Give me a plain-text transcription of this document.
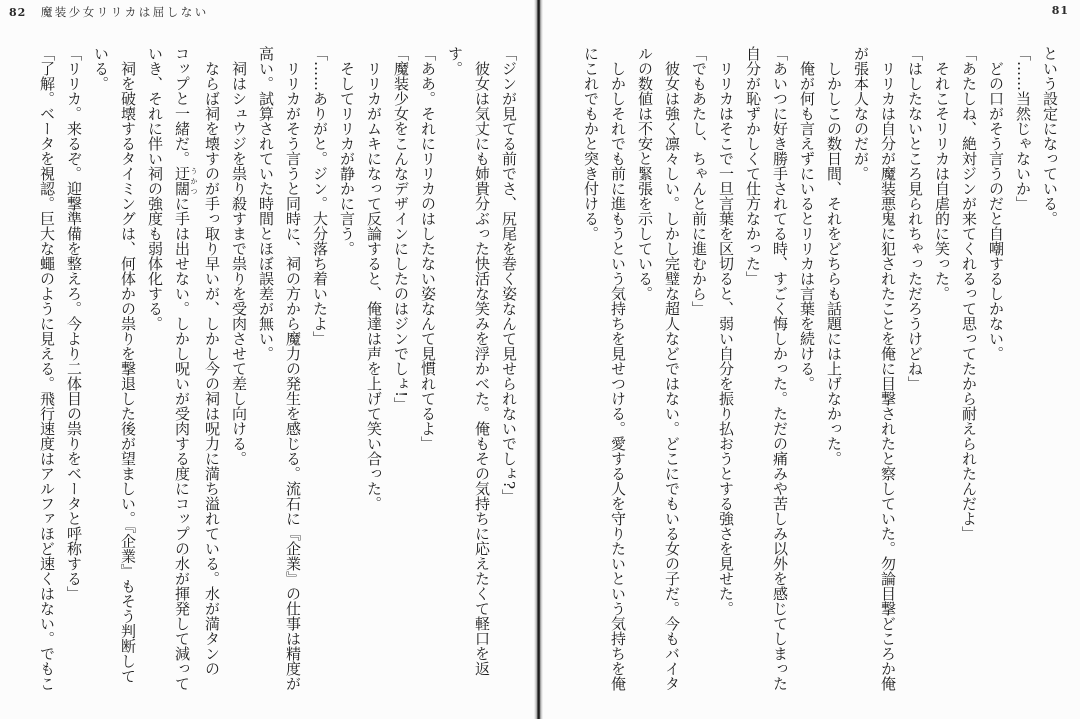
82 魔装少女リリカは屈しない
「ジンが見てる前でさ、尻尾を巻く姿なんて見せられないでしょ?」
　彼女は気丈にも姉貴分ぶった快活な笑みを浮かべた。俺もその気持ちに応えたくて軽口を返
す。
「ああ。それにリリカのはしたない姿なんて見慣れてるよ」
「魔装少女をこんなデザインにしたのはジンでしょ!」
　リリカがムキになって反論すると、俺達は声を上げて笑い合った。
　そしてリリカが静かに言う。
「……ありがと。ジン。大分落ち着いたよ」
　リリカがそう言うと同時に、祠の方から魔力の発生を感じる。流石に『企業』の仕事は精度が
高い。試算されていた時間とほぼ誤差が無い。
　祠はシュウジを祟り殺すまで祟りを受肉させて差し向ける。
　ならば祠を壊すのが手っ取り早いが、しかし今の祠は呪力に満ち溢れている。水が満タンの
コップと一緒だ。迂闊 うかつに手は出せない。しかし呪いが受肉する度にコップの水が揮発して減って
いき、それに伴い祠の強度も弱体化する。
　祠を破壊するタイミングは、何体かの祟りを撃退した後が望ましい。『企業』もそう判断して
いる。
「リリカ。来るぞ。迎撃準備を整えろ。今より二体目の祟りをベータと呼称する」
「了解。ベータを視認。巨大な蠅のように見える。飛行速度はアルファほど速くはない。でもこ
81
という設定になっている。
「……当然じゃないか」
　どの口がそう言うのだと自嘲するしかない。
「あたしね、絶対ジンが来てくれるって思ってたから耐えられたんだよ」
　それこそリリカは自虐的に笑った。
「はしたないところ見られちゃっただろうけどね」
　リリカは自分が魔装悪鬼に犯されたことを俺に目撃されたと察していた。勿論目撃どころか俺
が張本人なのだが。
　しかしこの数日間、それをどちらも話題には上げなかった。
　俺が何も言えずにいるとリリカは言葉を続ける。
「あいつに好き勝手されてる時、すごく悔しかった。ただの痛みや苦しみ以外を感じてしまった
自分が恥ずかしくて仕方なかった」
　リリカはそこで一旦言葉を区切ると、弱い自分を振り払おうとする強さを見せた。
「でもあたし、ちゃんと前に進むから」
　彼女は強く凛々しい。しかし完璧な超人などではない。どこにでもいる女の子だ。今もバイタ
ルの数値は不安と緊張を示している。
　しかしそれでも前に進もうという気持ちを見せつける。愛する人を守りたいという気持ちを俺
にこれでもかと突き付ける。
